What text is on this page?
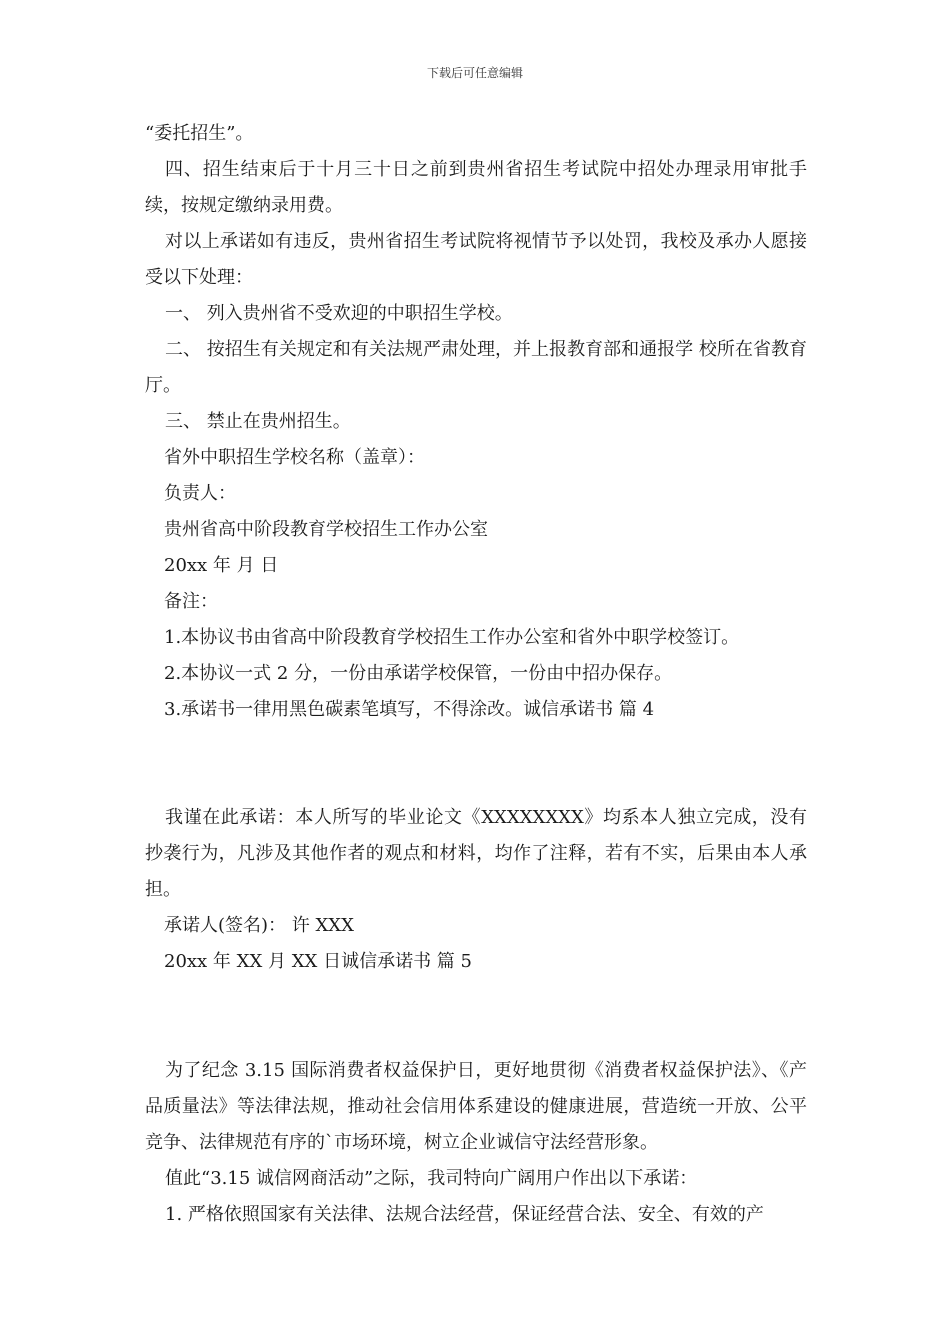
下载后可任意编辑

“委托招生”。

四、招生结束后于十月三十日之前到贵州省招生考试院中招处办理录用审批手续，按规定缴纳录用费。

对以上承诺如有违反，贵州省招生考试院将视情节予以处罚，我校及承办人愿接受以下处理：

一、 列入贵州省不受欢迎的中职招生学校。

二、 按招生有关规定和有关法规严肃处理，并上报教育部和通报学 校所在省教育厅。

三、 禁止在贵州招生。

省外中职招生学校名称（盖章）：

负责人：

贵州省高中阶段教育学校招生工作办公室

20xx 年 月 日

备注：

1.本协议书由省高中阶段教育学校招生工作办公室和省外中职学校签订。

2.本协议一式 2 分，一份由承诺学校保管，一份由中招办保存。

3.承诺书一律用黑色碳素笔填写，不得涂改。诚信承诺书 篇 4

我谨在此承诺：本人所写的毕业论文《XXXXXXXX》均系本人独立完成，没有抄袭行为，凡涉及其他作者的观点和材料，均作了注释，若有不实，后果由本人承担。

承诺人(签名)： 许 XXX

20xx 年 XX 月 XX 日诚信承诺书 篇 5

为了纪念 3.15 国际消费者权益保护日，更好地贯彻《消费者权益保护法》、《产品质量法》等法律法规，推动社会信用体系建设的健康进展，营造统一开放、公平竞争、法律规范有序的`市场环境，树立企业诚信守法经营形象。

值此“3.15 诚信网商活动”之际，我司特向广阔用户作出以下承诺：

1. 严格依照国家有关法律、法规合法经营，保证经营合法、安全、有效的产
